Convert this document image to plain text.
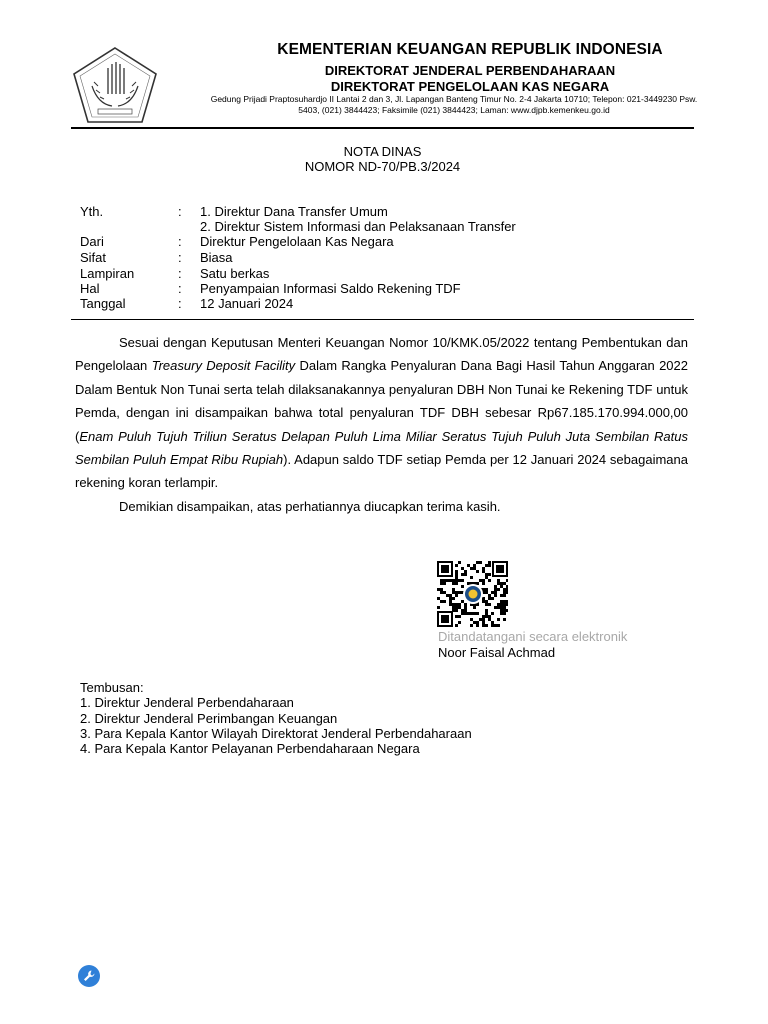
KEMENTERIAN KEUANGAN REPUBLIK INDONESIA
DIREKTORAT JENDERAL PERBENDAHARAAN
DIREKTORAT PENGELOLAAN KAS NEGARA
Gedung Prijadi Praptosuhardjo II Lantai 2 dan 3, Jl. Lapangan Banteng Timur No. 2-4 Jakarta 10710; Telepon: 021-3449230 Psw.
5403, (021) 3844423; Faksimile (021) 3844423; Laman: www.djpb.kemenkeu.go.id
NOTA DINAS
NOMOR ND-70/PB.3/2024
Yth.	: 1. Direktur Dana Transfer Umum
2. Direktur Sistem Informasi dan Pelaksanaan Transfer
Dari	: Direktur Pengelolaan Kas Negara
Sifat	: Biasa
Lampiran	: Satu berkas
Hal	: Penyampaian Informasi Saldo Rekening TDF
Tanggal	: 12 Januari 2024

Sesuai dengan Keputusan Menteri Keuangan Nomor 10/KMK.05/2022 tentang Pembentukan dan Pengelolaan Treasury Deposit Facility Dalam Rangka Penyaluran Dana Bagi Hasil Tahun Anggaran 2022 Dalam Bentuk Non Tunai serta telah dilaksanakannya penyaluran DBH Non Tunai ke Rekening TDF untuk Pemda, dengan ini disampaikan bahwa total penyaluran TDF DBH sebesar Rp67.185.170.994.000,00 (Enam Puluh Tujuh Triliun Seratus Delapan Puluh Lima Miliar Seratus Tujuh Puluh Juta Sembilan Ratus Sembilan Puluh Empat Ribu Rupiah). Adapun saldo TDF setiap Pemda per 12 Januari 2024 sebagaimana rekening koran terlampir.

Demikian disampaikan, atas perhatiannya diucapkan terima kasih.

Ditandatangani secara elektronik
Noor Faisal Achmad
Tembusan:
1. Direktur Jenderal Perbendaharaan
2. Direktur Jenderal Perimbangan Keuangan
3. Para Kepala Kantor Wilayah Direktorat Jenderal Perbendaharaan
4. Para Kepala Kantor Pelayanan Perbendaharaan Negara
